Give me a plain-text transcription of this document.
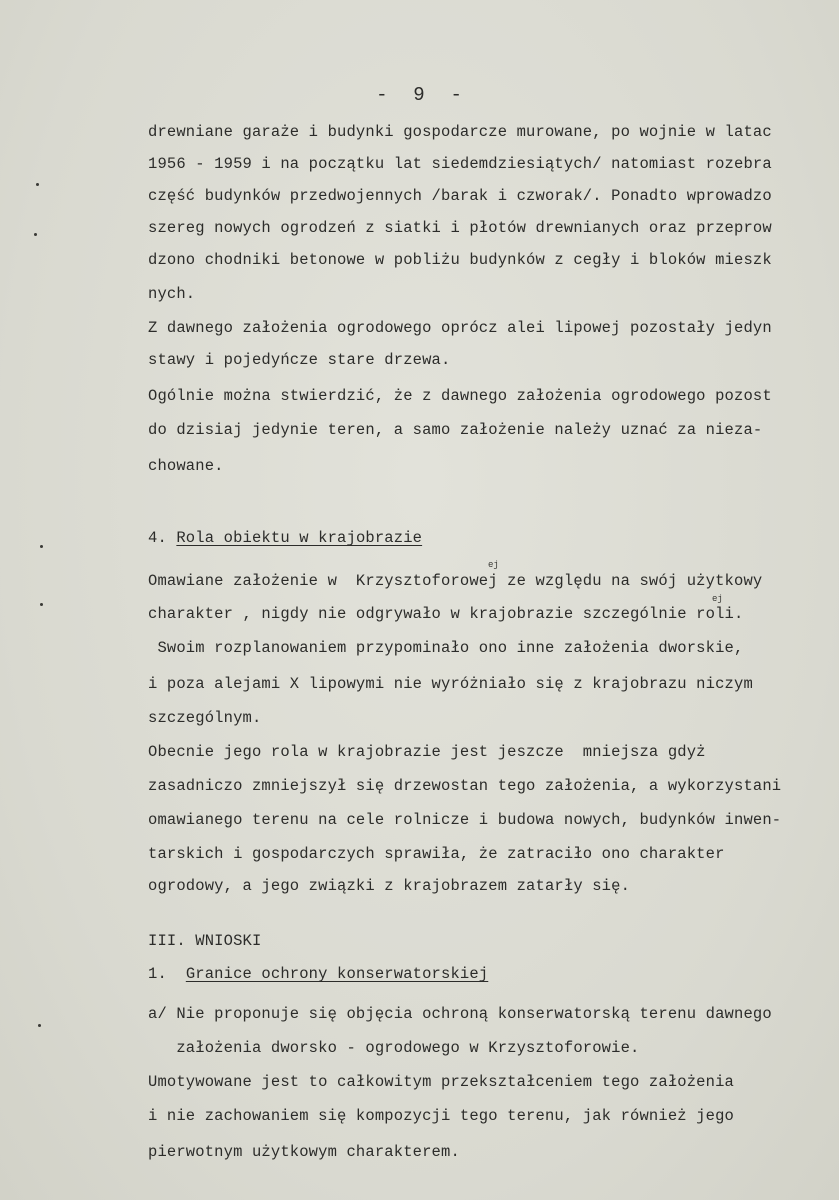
-  9  -
drewniane garaże i budynki gospodarcze murowane, po wojnie w latac
1956 - 1959 i na początku lat siedemdziesiątych/ natomiast rozebra
część budynków przedwojennych /barak i czworak/. Ponadto wprowadzo
szereg nowych ogrodzeń z siatki i płotów drewnianych oraz przeprow
dzono chodniki betonowe w pobliżu budynków z cegły i bloków mieszk
nych.
Z dawnego założenia ogrodowego oprócz alei lipowej pozostały jedyn
stawy i pojedyńcze stare drzewa.
Ogólnie można stwierdzić, że z dawnego założenia ogrodowego pozost
do dzisiaj jedynie teren, a samo założenie należy uznać za nieza-
chowane.
4. Rola obiektu w krajobrazie
Omawiane założenie w  Krzysztoforowej ze względu na swój użytkowy
ej
charakter , nigdy nie odgrywało w krajobrazie szczególnie roli.
ej
Swoim rozplanowaniem przypominało ono inne założenia dworskie,
i poza alejami X lipowymi nie wyróżniało się z krajobrazu niczym
szczególnym.
Obecnie jego rola w krajobrazie jest jeszcze  mniejsza gdyż
zasadniczo zmniejszył się drzewostan tego założenia, a wykorzystani
omawianego terenu na cele rolnicze i budowa nowych, budynków inwen-
tarskich i gospodarczych sprawiła, że zatraciło ono charakter
ogrodowy, a jego związki z krajobrazem zatarły się.
III. WNIOSKI
1. Granice ochrony konserwatorskiej
a/ Nie proponuje się objęcia ochroną konserwatorską terenu dawnego
założenia dworsko - ogrodowego w Krzysztoforowie.
Umotywowane jest to całkowitym przekształceniem tego założenia
i nie zachowaniem się kompozycji tego terenu, jak również jego
pierwotnym użytkowym charakterem.
